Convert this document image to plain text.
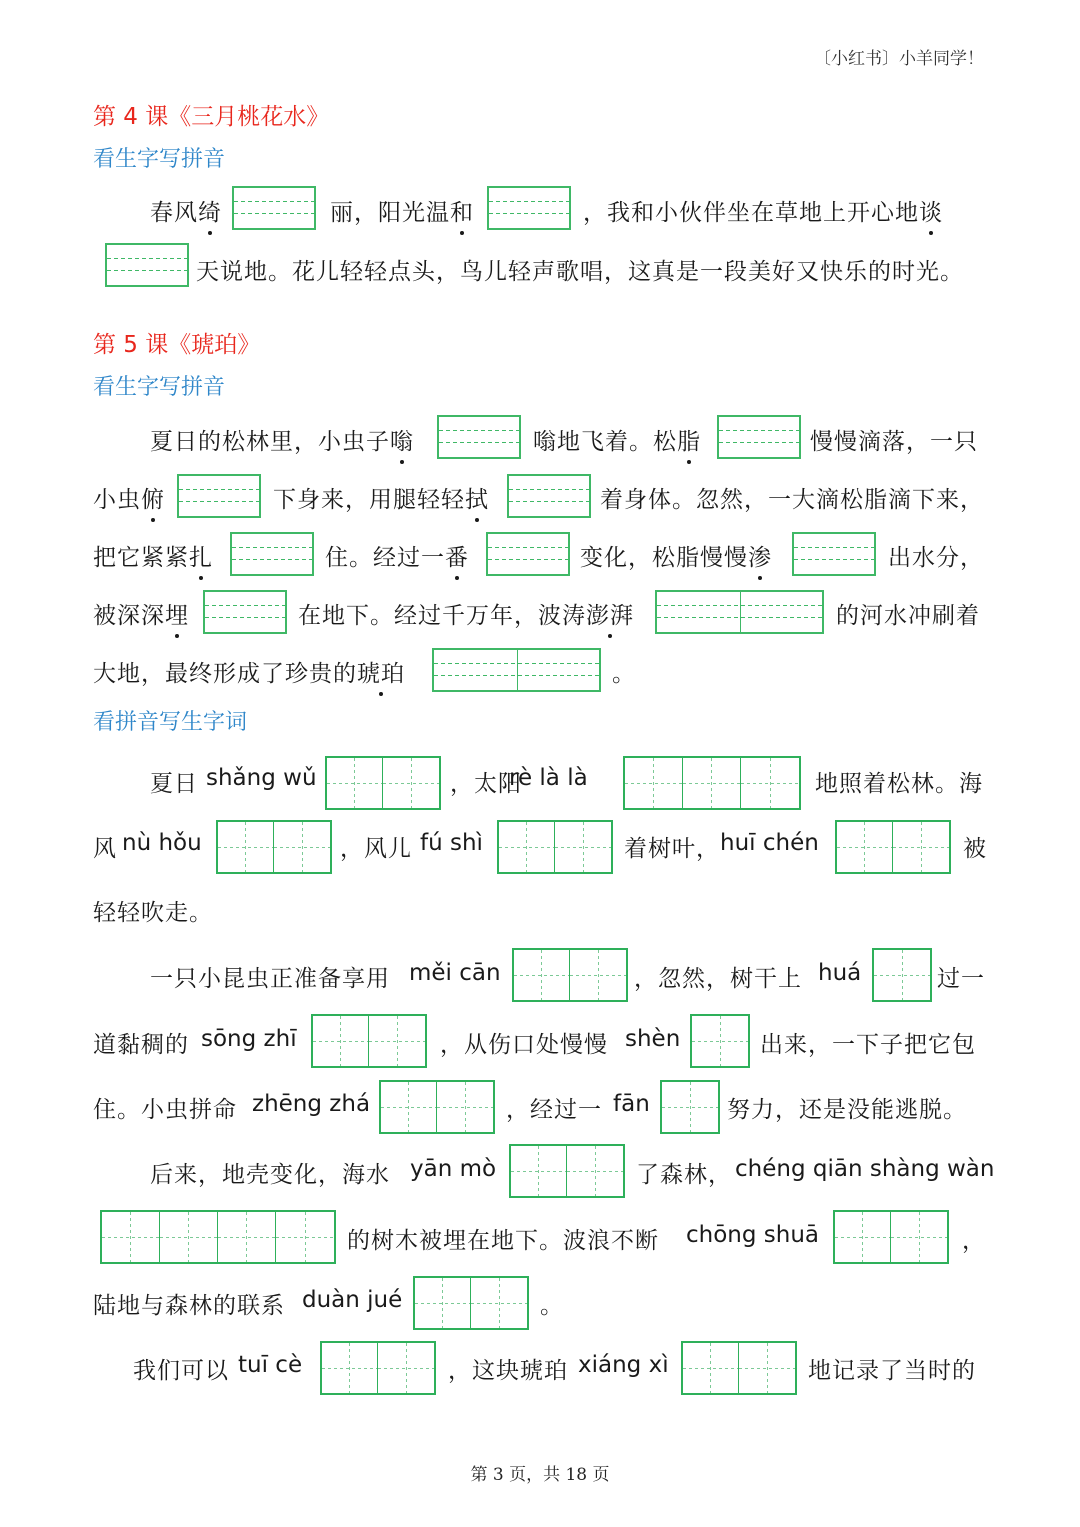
〔小红书〕小羊同学！
第 4 课《三月桃花水》
看生字写拼音
春风绮	丽，阳光温和	，我和小伙伴坐在草地上开心地谈
天说地。花儿轻轻点头，鸟儿轻声歌唱，这真是一段美好又快乐的时光。
第 5 课《琥珀》
看生字写拼音
夏日的松林里，小虫子嗡	嗡地飞着。松脂	慢慢滴落，一只
小虫俯	下身来，用腿轻轻拭	着身体。忽然，一大滴松脂滴下来，
把它紧紧扎	住。经过一番	变化，松脂慢慢渗	出水分，
被深深埋	在地下。经过千万年，波涛澎湃	的河水冲刷着
大地，最终形成了珍贵的琥珀	。
看拼音写生字词
夏日 shǎng wǔ	，太阳
rè là là	地照着松林。海
风 nù hǒu	，风儿 fú shì	着树叶， huī chén	被
轻轻吹走。
一只小昆虫正准备享用 měi cān	，忽然，树干上 huá	过一
道黏稠的 sōng zhī	，从伤口处慢慢 shèn	出来，一下子把它包
住。小虫拼命 zhēng zhá	，经过一 fān	努力，还是没能逃脱。
后来，地壳变化，海水 yān mò	了森林， chéng qiān shàng wàn
的树木被埋在地下。波浪不断 chōng shuā	，
陆地与森林的联系 duàn jué	。
我们可以 tuī cè	，这块琥珀 xiáng xì	地记录了当时的
第 3 页，共 18 页
